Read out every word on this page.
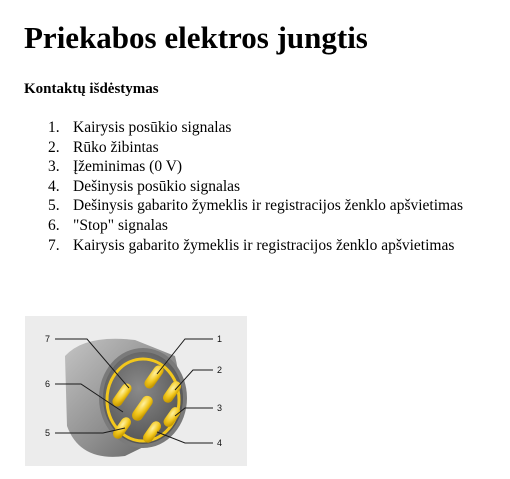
Priekabos elektros jungtis
Kontaktų išdėstymas
1. Kairysis posūkio signalas
2. Rūko žibintas
3. Įžeminimas (0 V)
4. Dešinysis posūkio signalas
5. Dešinysis gabarito žymeklis ir registracijos ženklo apšvietimas
6. "Stop" signalas
7. Kairysis gabarito žymeklis ir registracijos ženklo apšvietimas
1
2
3
4
5
6
7
